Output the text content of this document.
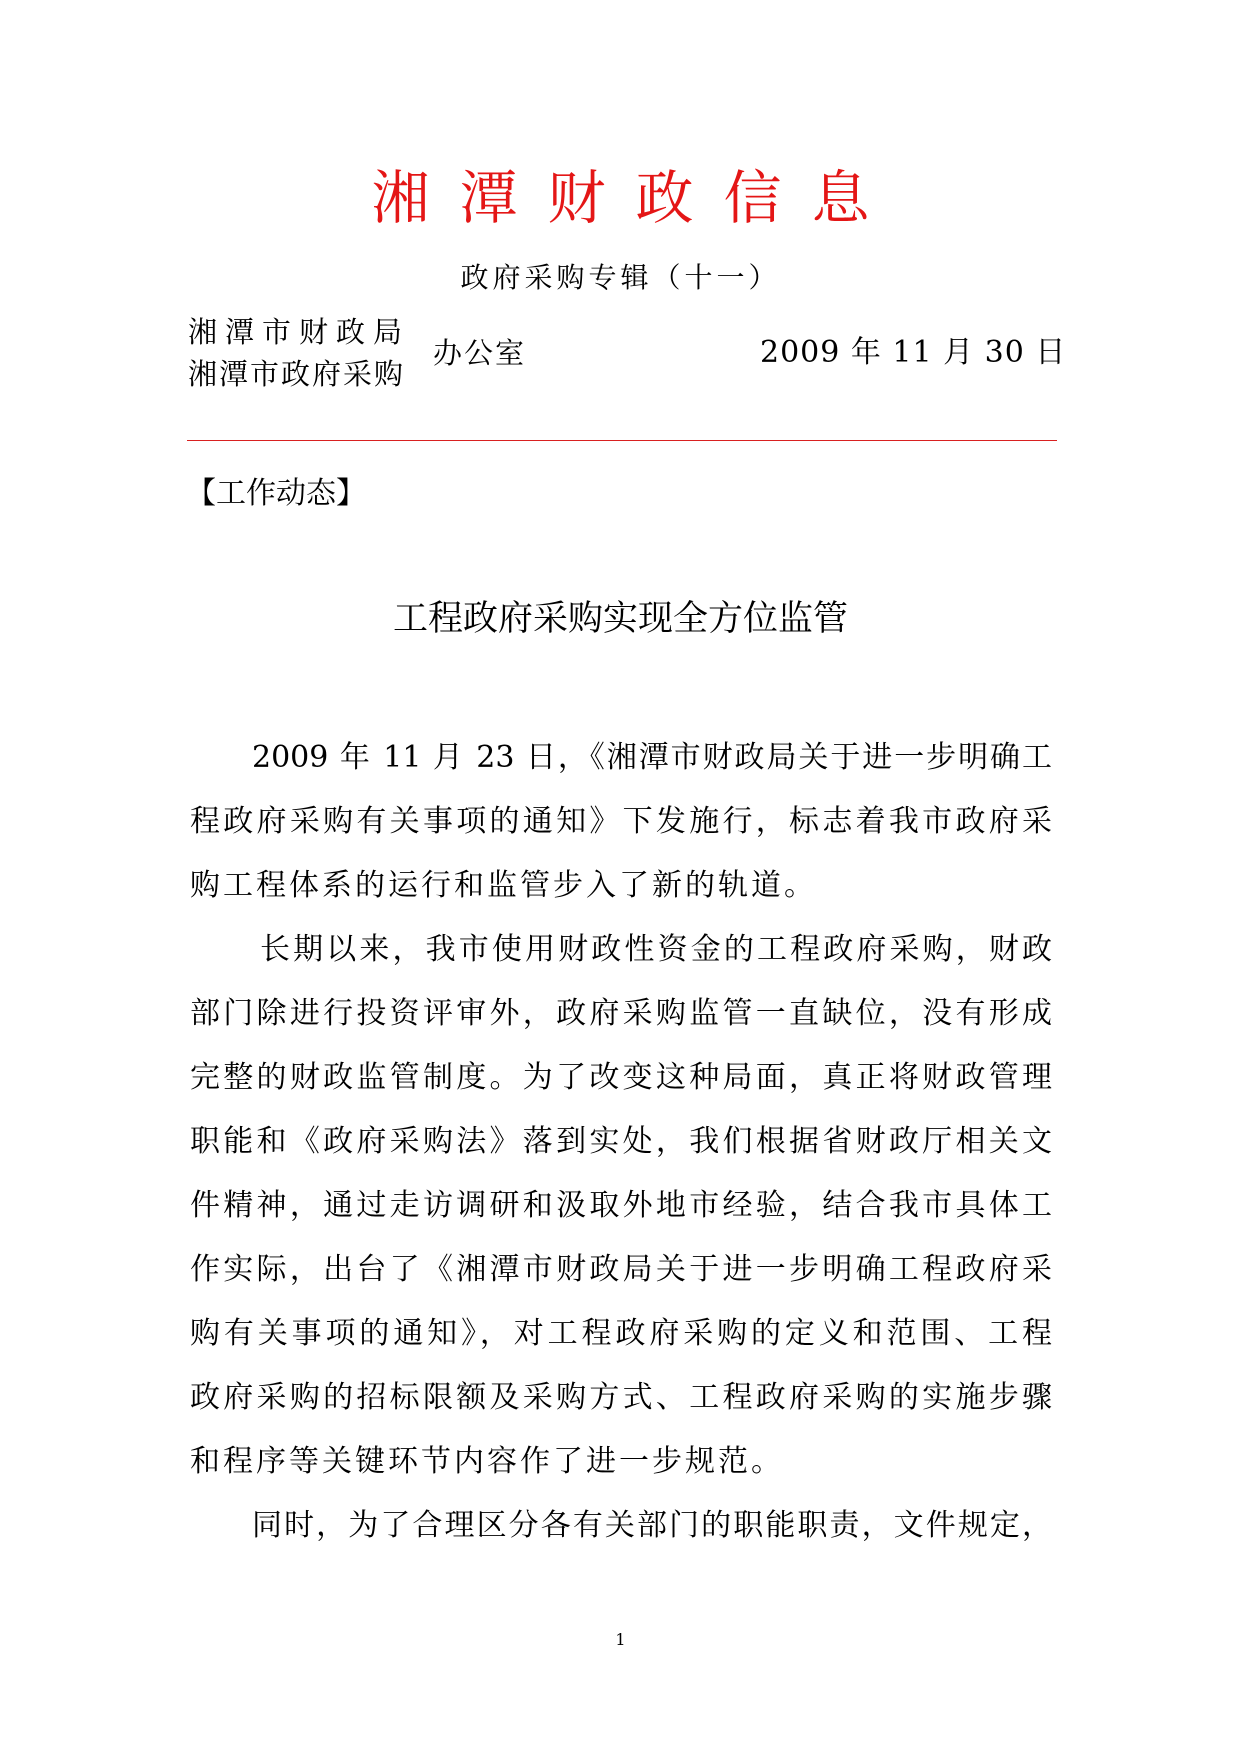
湘潭财政信息
政府采购专辑（十一）
湘潭市财政局
湘潭市政府采购
办公室	2009 年 11 月 30 日
【工作动态】
工程政府采购实现全方位监管
2009 年 11 月 23 日，《湘潭市财政局关于进一步明确工
程政府采购有关事项的通知》下发施行，标志着我市政府采
购工程体系的运行和监管步入了新的轨道。
长期以来，我市使用财政性资金的工程政府采购，财政
部门除进行投资评审外，政府采购监管一直缺位，没有形成
完整的财政监管制度。为了改变这种局面，真正将财政管理
职能和《政府采购法》落到实处，我们根据省财政厅相关文
件精神，通过走访调研和汲取外地市经验，结合我市具体工
作实际，出台了《湘潭市财政局关于进一步明确工程政府采
购有关事项的通知》，对工程政府采购的定义和范围、工程
政府采购的招标限额及采购方式、工程政府采购的实施步骤
和程序等关键环节内容作了进一步规范。
同时，为了合理区分各有关部门的职能职责，文件规定，
1
